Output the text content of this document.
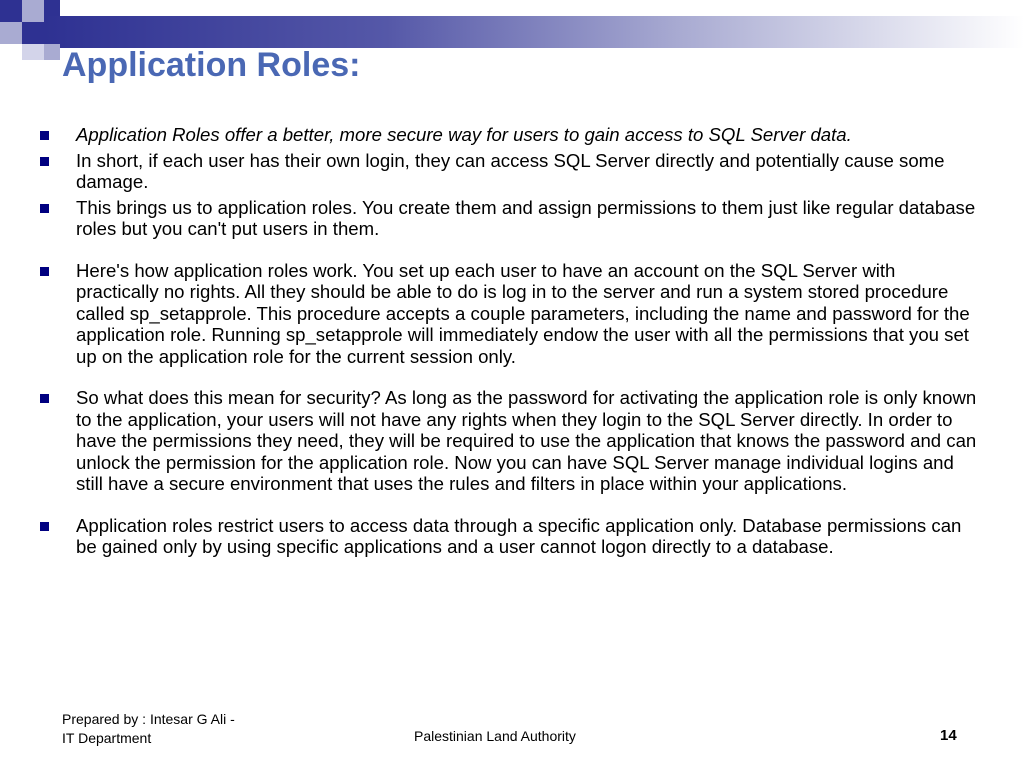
Application Roles:
Application Roles offer a better, more secure way for users to gain access to SQL Server data.
In short, if each user has their own login, they can access SQL Server directly and potentially cause some damage.
This brings us to application roles. You create them and assign permissions to them just like regular database roles but you can't put users in them.
Here's how application roles work. You set up each user to have an account on the SQL Server with practically no rights. All they should be able to do is log in to the server and run a system stored procedure called sp_setapprole. This procedure accepts a couple parameters, including the name and password for the application role. Running sp_setapprole will immediately endow the user with all the permissions that you set up on the application role for the current session only.
So what does this mean for security? As long as the password for activating the application role is only known to the application, your users will not have any rights when they login to the SQL Server directly. In order to have the permissions they need, they will be required to use the application that knows the password and can unlock the permission for the application role. Now you can have SQL Server manage individual logins and still have a secure environment that uses the rules and filters in place within your applications.
Application roles restrict users to access data through a specific application only. Database permissions can be gained only by using specific applications and a user cannot logon directly to a database.
Prepared by : Intesar G Ali -
IT Department	Palestinian Land Authority	14
